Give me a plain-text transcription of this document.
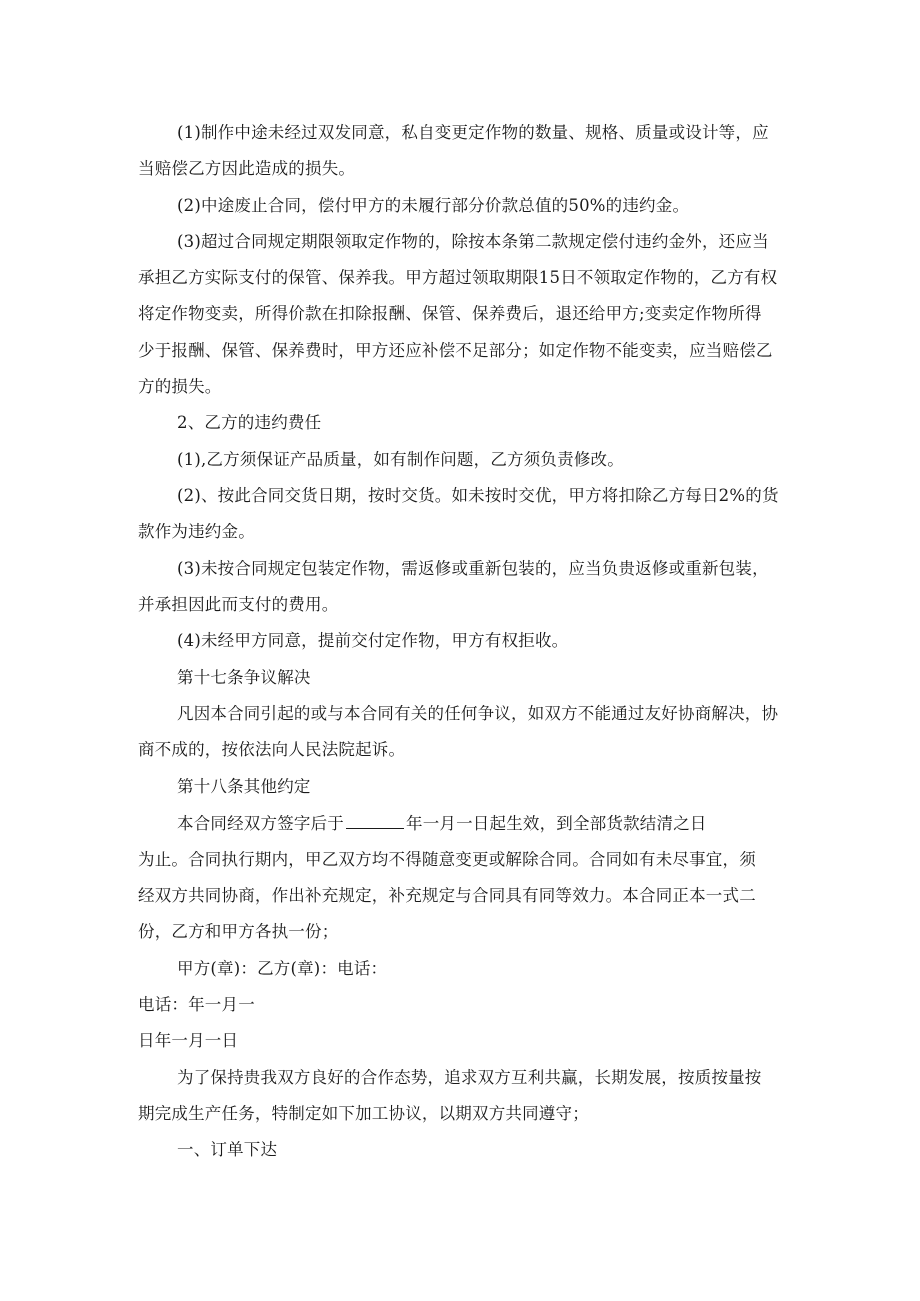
(1)制作中途未经过双发同意，私自变更定作物的数量、规格、质量或设计等，应
当赔偿乙方因此造成的损失。
(2)中途废止合同，偿付甲方的未履行部分价款总值的50%的违约金。
(3)超过合同规定期限领取定作物的，除按本条第二款规定偿付违约金外，还应当
承担乙方实际支付的保管、保养我。甲方超过领取期限15日不领取定作物的，乙方有权
将定作物变卖，所得价款在扣除报酬、保管、保养费后，退还给甲方;变卖定作物所得
少于报酬、保管、保养费时，甲方还应补偿不足部分；如定作物不能变卖，应当赔偿乙
方的损失。
2、乙方的违约费任
(1),乙方须保证产品质量，如有制作问题，乙方须负责修改。
(2)、按此合同交货日期，按时交货。如未按时交优，甲方将扣除乙方每日2%的货
款作为违约金。
(3)未按合同规定包装定作物，需返修或重新包装的，应当负贵返修或重新包装，
并承担因此而支付的费用。
(4)未经甲方同意，提前交付定作物，甲方有权拒收。
第十七条争议解决
凡因本合同引起的或与本合同有关的任何争议，如双方不能通过友好协商解决，协
商不成的，按依法向人民法院起诉。
第十八条其他约定
本合同经双方签字后于	年一月一日起生效，到全部货款结清之日
为止。合同执行期内，甲乙双方均不得随意变更或解除合同。合同如有未尽事宜，须
经双方共同协商，作出补充规定，补充规定与合同具有同等效力。本合同正本一式二
份，乙方和甲方各执一份；
甲方(章)：乙方(章)：电话：
电话：年一月一
日年一月一日
为了保持贵我双方良好的合作态势，追求双方互利共赢，长期发展，按质按量按
期完成生产任务，特制定如下加工协议，以期双方共同遵守；
一、订单下达
